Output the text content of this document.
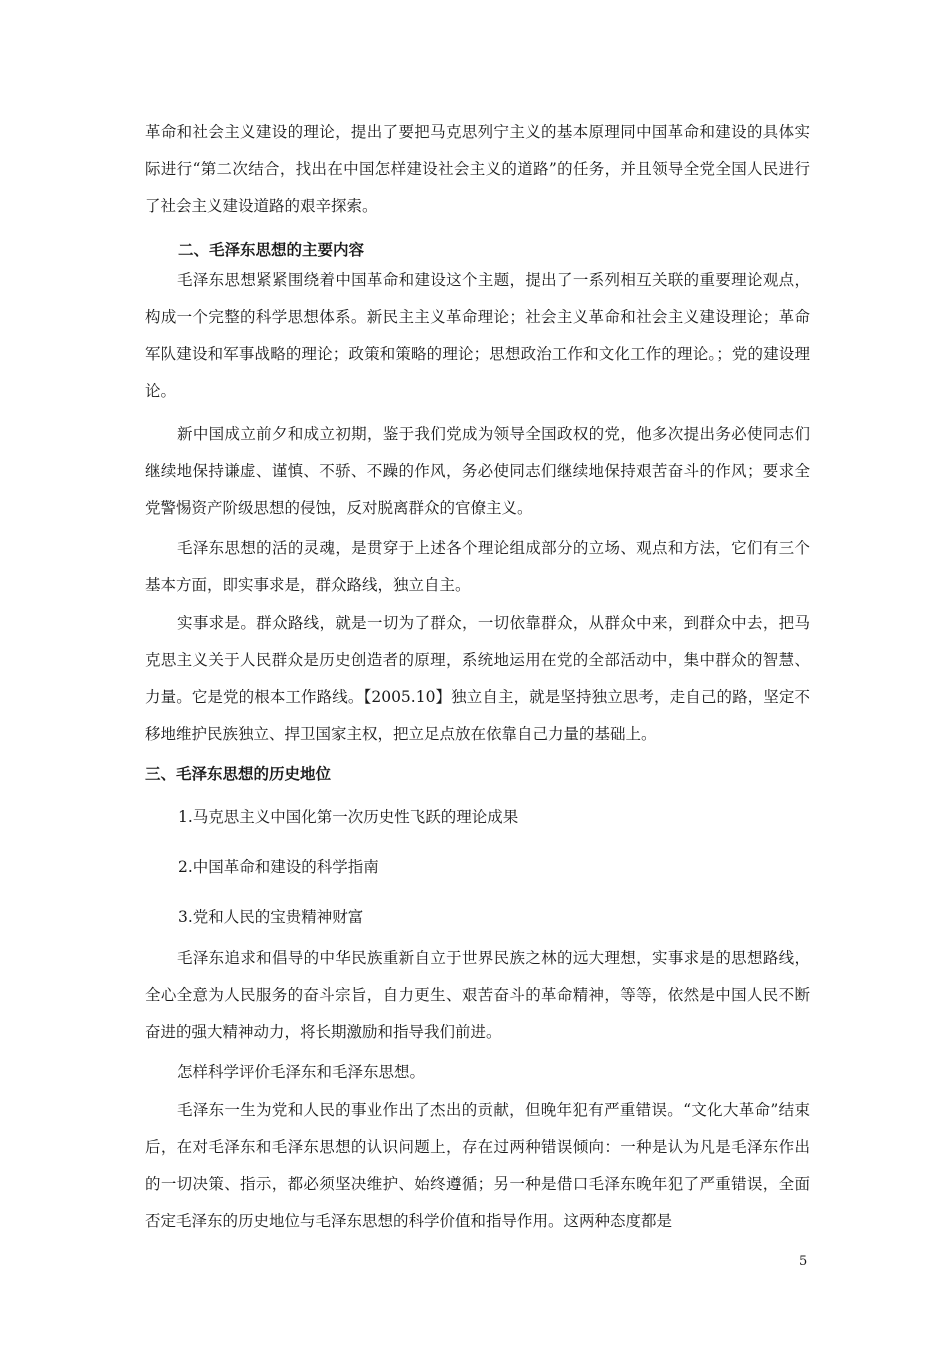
革命和社会主义建设的理论，提出了要把马克思列宁主义的基本原理同中国革命和建设的具体实际进行“第二次结合，找出在中国怎样建设社会主义的道路”的任务，并且领导全党全国人民进行了社会主义建设道路的艰辛探索。

二、毛泽东思想的主要内容

毛泽东思想紧紧围绕着中国革命和建设这个主题，提出了一系列相互关联的重要理论观点，构成一个完整的科学思想体系。新民主主义革命理论；社会主义革命和社会主义建设理论；革命军队建设和军事战略的理论；政策和策略的理论；思想政治工作和文化工作的理论。；党的建设理论。

新中国成立前夕和成立初期，鉴于我们党成为领导全国政权的党，他多次提出务必使同志们继续地保持谦虚、谨慎、不骄、不躁的作风，务必使同志们继续地保持艰苦奋斗的作风；要求全党警惕资产阶级思想的侵蚀，反对脱离群众的官僚主义。

毛泽东思想的活的灵魂，是贯穿于上述各个理论组成部分的立场、观点和方法，它们有三个基本方面，即实事求是，群众路线，独立自主。

实事求是。群众路线，就是一切为了群众，一切依靠群众，从群众中来，到群众中去，把马克思主义关于人民群众是历史创造者的原理，系统地运用在党的全部活动中，集中群众的智慧、力量。它是党的根本工作路线。【2005.10】独立自主，就是坚持独立思考，走自己的路，坚定不移地维护民族独立、捍卫国家主权，把立足点放在依靠自己力量的基础上。

三、毛泽东思想的历史地位

1.马克思主义中国化第一次历史性飞跃的理论成果

2.中国革命和建设的科学指南

3.党和人民的宝贵精神财富

毛泽东追求和倡导的中华民族重新自立于世界民族之林的远大理想，实事求是的思想路线，全心全意为人民服务的奋斗宗旨，自力更生、艰苦奋斗的革命精神，等等，依然是中国人民不断奋进的强大精神动力，将长期激励和指导我们前进。

怎样科学评价毛泽东和毛泽东思想。

毛泽东一生为党和人民的事业作出了杰出的贡献，但晚年犯有严重错误。“文化大革命”结束后，在对毛泽东和毛泽东思想的认识问题上，存在过两种错误倾向：一种是认为凡是毛泽东作出的一切决策、指示，都必须坚决维护、始终遵循；另一种是借口毛泽东晚年犯了严重错误，全面否定毛泽东的历史地位与毛泽东思想的科学价值和指导作用。这两种态度都是

5
